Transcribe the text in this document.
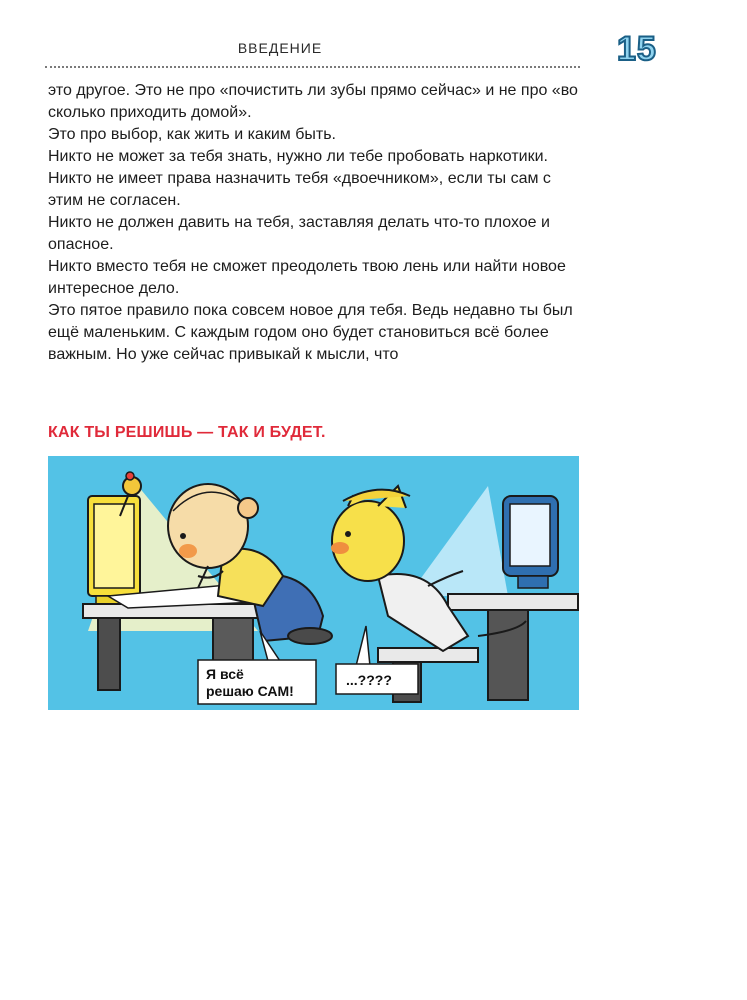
ВВЕДЕНИЕ	15

это другое. Это не про «почистить ли зубы прямо сейчас» и не про «во сколько приходить домой».

Это про выбор, как жить и каким быть.

Никто не может за тебя знать, нужно ли тебе пробовать наркотики.

Никто не имеет права назначить тебя «двоечником», если ты сам с этим не согласен.

Никто не должен давить на тебя, заставляя делать что-то плохое и опасное.

Никто вместо тебя не сможет преодолеть твою лень или найти новое интересное дело.

Это пятое правило пока совсем новое для тебя. Ведь недавно ты был ещё маленьким. С каждым годом оно будет становиться всё более важным. Но уже сейчас привыкай к мысли, что

КАК ТЫ РЕШИШЬ — ТАК И БУДЕТ.
Я всё
решаю САМ!
...????
